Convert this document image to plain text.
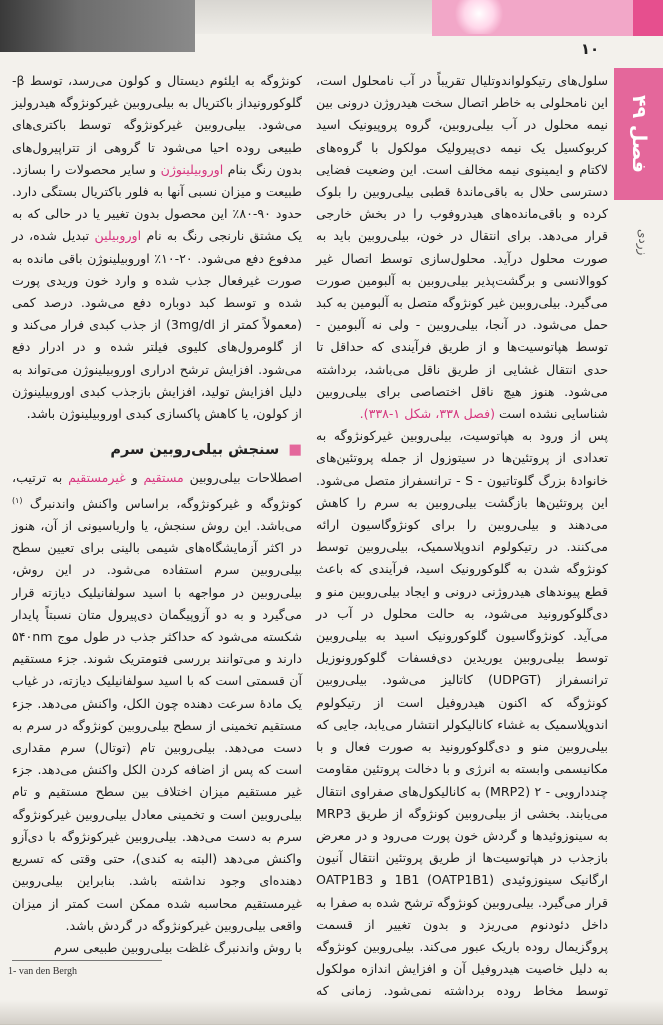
۱۰
فصل ۴۹
زردی

سلول‌های رتیکولواندوتلیال تقریباً در آب نامحلول است، این نامحلولی به خاطر اتصال سخت هیدروژن درونی بین نیمه محلول در آب بیلی‌روبین، گروه پروپیونیک اسید کربوکسیل یک نیمه دی‌پیرولیک مولکول با گروه‌های لاکتام و ایمینوی نیمه مخالف است. این وضعیت فضایی دسترسی حلال به باقی‌ماندهٔ قطبی بیلی‌روبین را بلوک کرده و باقی‌مانده‌های هیدروفوب را در بخش خارجی قرار می‌دهد. برای انتقال در خون، بیلی‌روبین باید به صورت محلول درآید. محلول‌سازی توسط اتصال غیر کووالانسی و برگشت‌پذیر بیلی‌روبین به آلبومین صورت می‌گیرد. بیلی‌روبین غیر کونژوگه متصل به آلبومین به کبد حمل می‌شود. در آنجا، بیلی‌روبین - ولی نه آلبومین - توسط هپاتوسیت‌ها و از طریق فرآیندی که حداقل تا حدی انتقال غشایی از طریق ناقل می‌باشد، برداشته می‌شود. هنوز هیچ ناقل اختصاصی برای بیلی‌روبین شناسایی نشده است (فصل ۳۳۸، شکل ۱-۳۳۸).

پس از ورود به هپاتوسیت، بیلی‌روبین غیرکونژوگه به تعدادی از پروتئین‌ها در سیتوزول از جمله پروتئین‌های خانوادهٔ بزرگ گلوتاتیون - S - ترانسفراز متصل می‌شود. این پروتئین‌ها بازگشت بیلی‌روبین به سرم را کاهش می‌دهند و بیلی‌روبین را برای کونژوگاسیون ارائه می‌کنند. در رتیکولوم اندوپلاسمیک، بیلی‌روبین توسط کونژوگه شدن به گلوکورونیک اسید، فرآیندی که باعث قطع پیوندهای هیدروژنی درونی و ایجاد بیلی‌روبین منو و دی‌گلوکورونید می‌شود، به حالت محلول در آب در می‌آید. کونژوگاسیون گلوکورونیک اسید به بیلی‌روبین توسط بیلی‌روبین یوریدین دی‌فسفات گلوکورونوزیل ترانسفراز (UDPGT) کاتالیز می‌شود. بیلی‌روبین کونژوگه که اکنون هیدروفیل است از رتیکولوم اندوپلاسمیک به غشاء کانالیکولر انتشار می‌یابد، جایی که بیلی‌روبین منو و دی‌گلوکورونید به صورت فعال و با مکانیسمی وابسته به انرژی و با دخالت پروتئین مقاومت چنددارویی - ۲ (MRP2) به کانالیکول‌های صفراوی انتقال می‌یابند. بخشی از بیلی‌روبین کونژوگه از طریق MRP3 به سینوزوئیدها و گردش خون پورت می‌رود و در معرض بازجذب در هپاتوسیت‌ها از طریق پروتئین انتقال آنیون ارگانیک سینوزوئیدی 1B1 (OATP1B1) و OATP1B3 قرار می‌گیرد. بیلی‌روبین کونژوگه ترشح شده به صفرا به داخل دئودنوم می‌ریزد و بدون تغییر از قسمت پروگزیمال روده باریک عبور می‌کند. بیلی‌روبین کونژوگه به دلیل خاصیت هیدروفیل آن و افزایش اندازه مولکول توسط مخاط روده برداشته نمی‌شود. زمانی که

کونژوگه به ایلئوم دیستال و کولون می‌رسد، توسط β-گلوکورونیداز باکتریال به بیلی‌روبین غیرکونژوگه هیدرولیز می‌شود. بیلی‌روبین غیرکونژوگه توسط باکتری‌های طبیعی روده احیا می‌شود تا گروهی از تتراپیرول‌های بدون رنگ بنام اوروبیلینوژن و سایر محصولات را بسازد. طبیعت و میزان نسبی آنها به فلور باکتریال بستگی دارد. حدود ۹۰-۸۰٪ این محصول بدون تغییر یا در حالی که به یک مشتق نارنجی رنگ به نام اوروبیلین تبدیل شده، در مدفوع دفع می‌شود. ۲۰-۱۰٪ اوروبیلینوژن باقی مانده به صورت غیرفعال جذب شده و وارد خون وریدی پورت شده و توسط کبد دوباره دفع می‌شود. درصد کمی (معمولاً کمتر از 3mg/dl) از جذب کبدی فرار می‌کند و از گلومرول‌های کلیوی فیلتر شده و در ادرار دفع می‌شود. افزایش ترشح ادراری اوروبیلینوژن می‌تواند به دلیل افزایش تولید، افزایش بازجذب کبدی اوروبیلینوژن از کولون، یا کاهش پاکسازی کبدی اوروبیلینوژن باشد.

■ سنجش بیلی‌روبین سرم

اصطلاحات بیلی‌روبین مستقیم و غیرمستقیم به ترتیب، کونژوگه و غیرکونژوگه، براساس واکنش واندنبرگ $^{(۱)}$ می‌باشد. این روش سنجش، یا واریاسیونی از آن، هنوز در اکثر آزمایشگاه‌های شیمی بالینی برای تعیین سطح بیلی‌روبین سرم استفاده می‌شود. در این روش، بیلی‌روبین در مواجهه با اسید سولفانیلیک دیازته قرار می‌گیرد و به دو آزوپیگمان دی‌پیرول متان نسبتاً پایدار شکسته می‌شود که حداکثر جذب در طول موج ۵۴۰nm دارند و می‌توانند بررسی فتومتریک شوند. جزء مستقیم آن قسمتی است که با اسید سولفانیلیک دیازته، در غیاب یک مادهٔ سرعت دهنده چون الکل، واکنش می‌دهد. جزء مستقیم تخمینی از سطح بیلی‌روبین کونژوگه در سرم به دست می‌دهد. بیلی‌روبین تام (توتال) سرم مقداری است که پس از اضافه کردن الکل واکنش می‌دهد. جزء غیر مستقیم میزان اختلاف بین سطح مستقیم و تام بیلی‌روبین است و تخمینی معادل بیلی‌روبین غیرکونژوگه سرم به دست می‌دهد. بیلی‌روبین غیرکونژوگه با دی‌آزو واکنش می‌دهد (البته به کندی)، حتی وقتی که تسریع دهنده‌ای وجود نداشته باشد. بنابراین بیلی‌روبین غیرمستقیم محاسبه شده ممکن است کمتر از میزان واقعی بیلی‌روبین غیرکونژوگه در گردش باشد.

با روش واندنبرگ غلظت بیلی‌روبین طبیعی سرم

1- van den Bergh
